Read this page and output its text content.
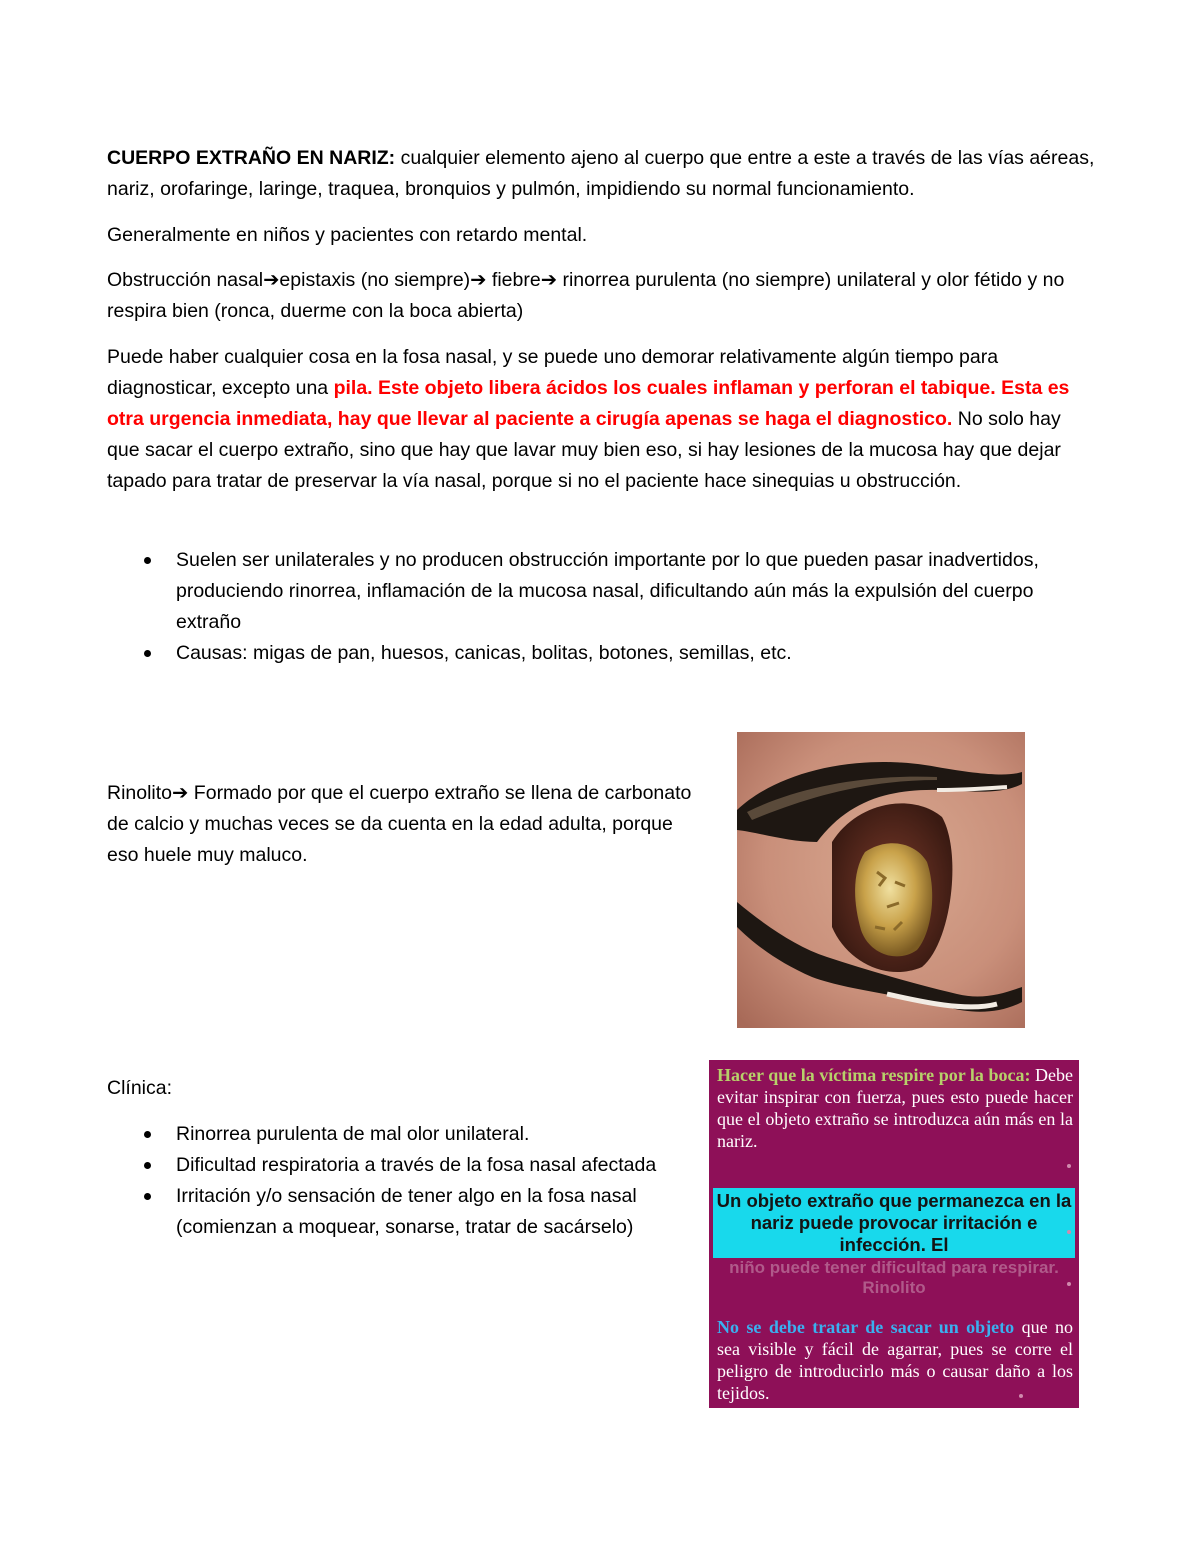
CUERPO EXTRAÑO EN NARIZ: cualquier elemento ajeno al cuerpo que entre a este a través de las vías aéreas, nariz, orofaringe, laringe, traquea, bronquios y pulmón, impidiendo su normal funcionamiento.

Generalmente en niños y pacientes con retardo mental.

Obstrucción nasal➔epistaxis (no siempre)➔ fiebre➔ rinorrea purulenta (no siempre) unilateral y olor fétido y no respira bien (ronca, duerme con la boca abierta)

Puede haber cualquier cosa en la fosa nasal, y se puede uno demorar relativamente algún tiempo para diagnosticar, excepto una pila. Este objeto libera ácidos los cuales inflaman y perforan el tabique. Esta es otra urgencia inmediata, hay que llevar al paciente a cirugía apenas se haga el diagnostico. No solo hay que sacar el cuerpo extraño, sino que hay que lavar muy bien eso, si hay lesiones de la mucosa hay que dejar tapado para tratar de preservar la vía nasal, porque si no el paciente hace sinequias u obstrucción.

Suelen ser unilaterales y no producen obstrucción importante por lo que pueden pasar inadvertidos, produciendo rinorrea, inflamación de la mucosa nasal, dificultando aún más la expulsión del cuerpo extraño
Causas: migas de pan, huesos, canicas, bolitas, botones, semillas, etc.

Rinolito➔ Formado por que el cuerpo extraño se llena de carbonato de calcio y muchas veces se da cuenta en la edad adulta, porque eso huele muy maluco.

Clínica:
Rinorrea purulenta de mal olor unilateral.
Dificultad respiratoria a través de la fosa nasal afectada
Irritación y/o sensación de tener algo en la fosa nasal (comienzan a moquear, sonarse, tratar de sacárselo)
Hacer que la víctima respire por la boca: Debe evitar inspirar con fuerza, pues esto puede hacer que el objeto extraño se introduzca aún más en la nariz.
Un objeto extraño que permanezca en la nariz puede provocar irritación e infección. El
niño puede tener dificultad para respirar. Rinolito
No se debe tratar de sacar un objeto que no sea visible y fácil de agarrar, pues se corre el peligro de introducirlo más o causar daño a los tejidos.
